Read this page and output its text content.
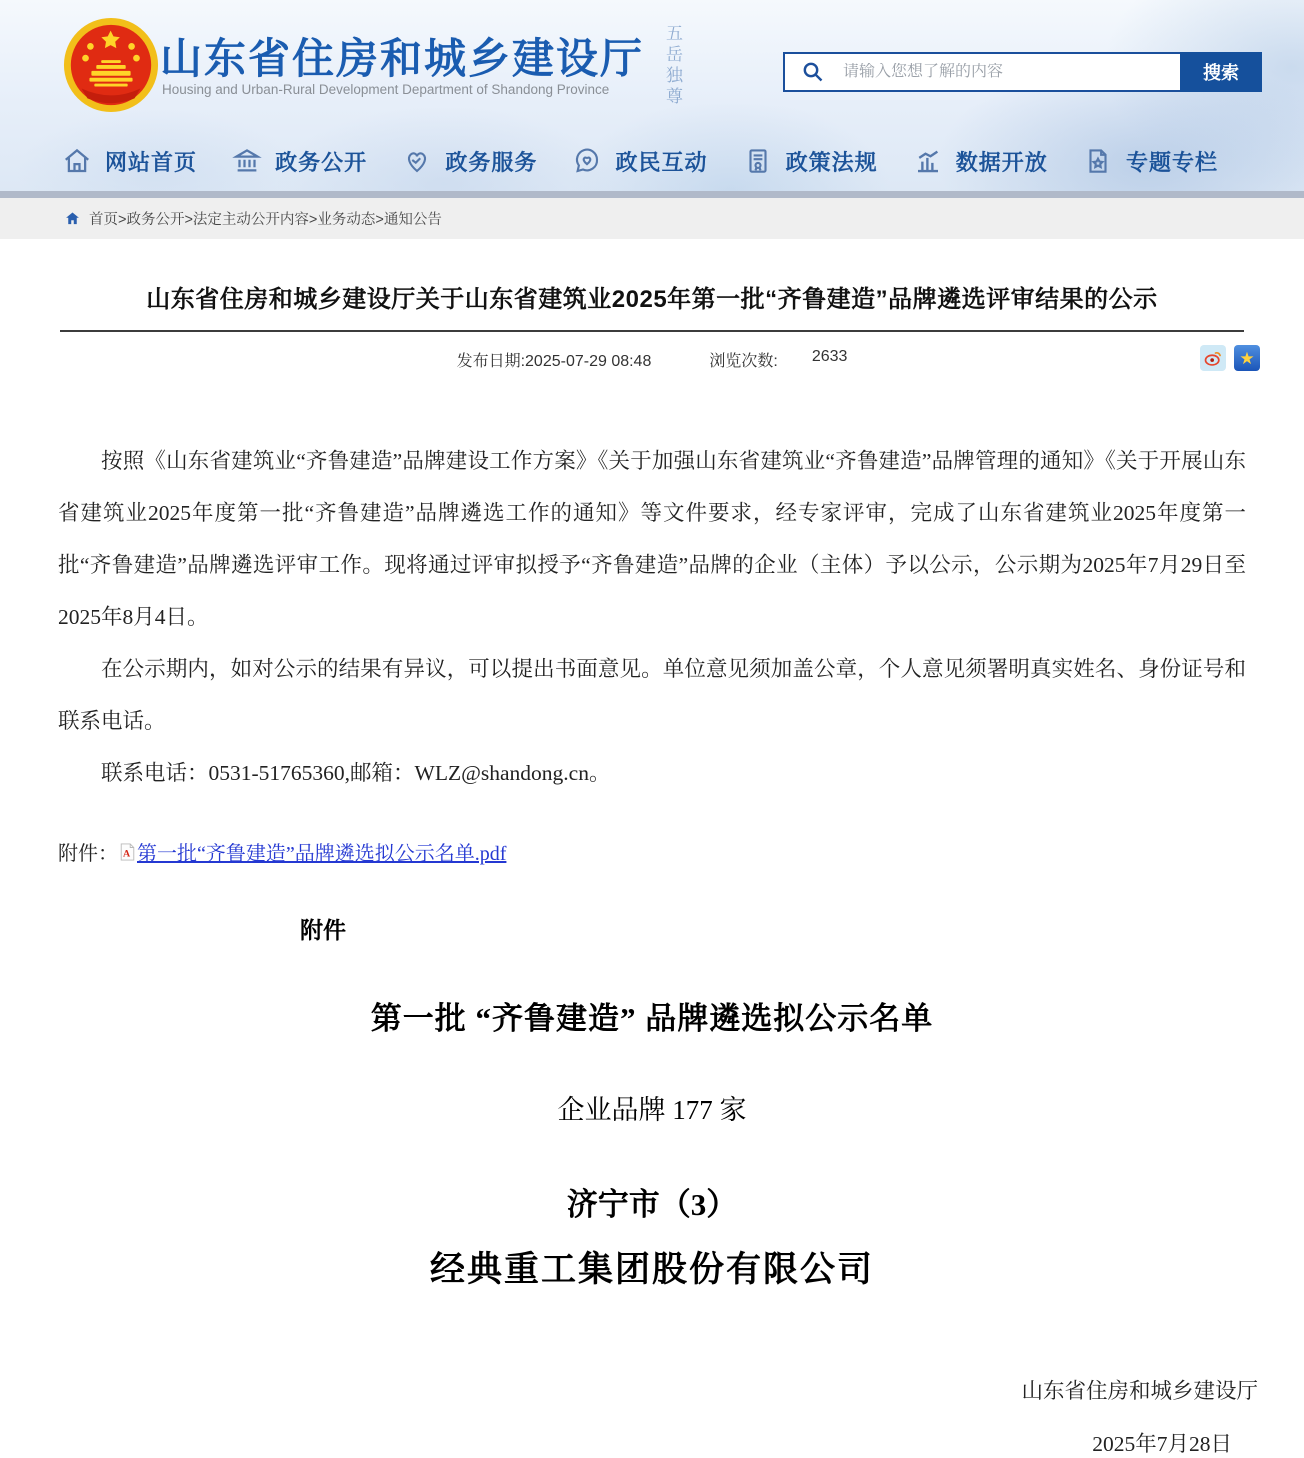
山东省住房和城乡建设厅
Housing and Urban-Rural Development Department of Shandong Province	五岳独尊
请输入您想了解的内容	搜索
网站首页	政务公开	政务服务	政民互动	政策法规	数据开放	专题专栏
首页>政务公开>法定主动公开内容>业务动态>通知公告
山东省住房和城乡建设厅关于山东省建筑业2025年第一批“齐鲁建造”品牌遴选评审结果的公示
发布日期:2025-07-29 08:48	浏览次数: 2633	★

按照《山东省建筑业“齐鲁建造”品牌建设工作方案》《关于加强山东省建筑业“齐鲁建造”品牌管理的通知》《关于开展山东省建筑业2025年度第一批“齐鲁建造”品牌遴选工作的通知》等文件要求，经专家评审，完成了山东省建筑业2025年度第一批“齐鲁建造”品牌遴选评审工作。现将通过评审拟授予“齐鲁建造”品牌的企业（主体）予以公示，公示期为2025年7月29日至2025年8月4日。

在公示期内，如对公示的结果有异议，可以提出书面意见。单位意见须加盖公章，个人意见须署明真实姓名、身份证号和联系电话。

联系电话：0531-51765360,邮箱：WLZ@shandong.cn。

附件： A 第一批“齐鲁建造”品牌遴选拟公示名单.pdf
附件
第一批 “齐鲁建造” 品牌遴选拟公示名单
企业品牌 177 家
济宁市（3）
经典重工集团股份有限公司
山东省住房和城乡建设厅
2025年7月28日
